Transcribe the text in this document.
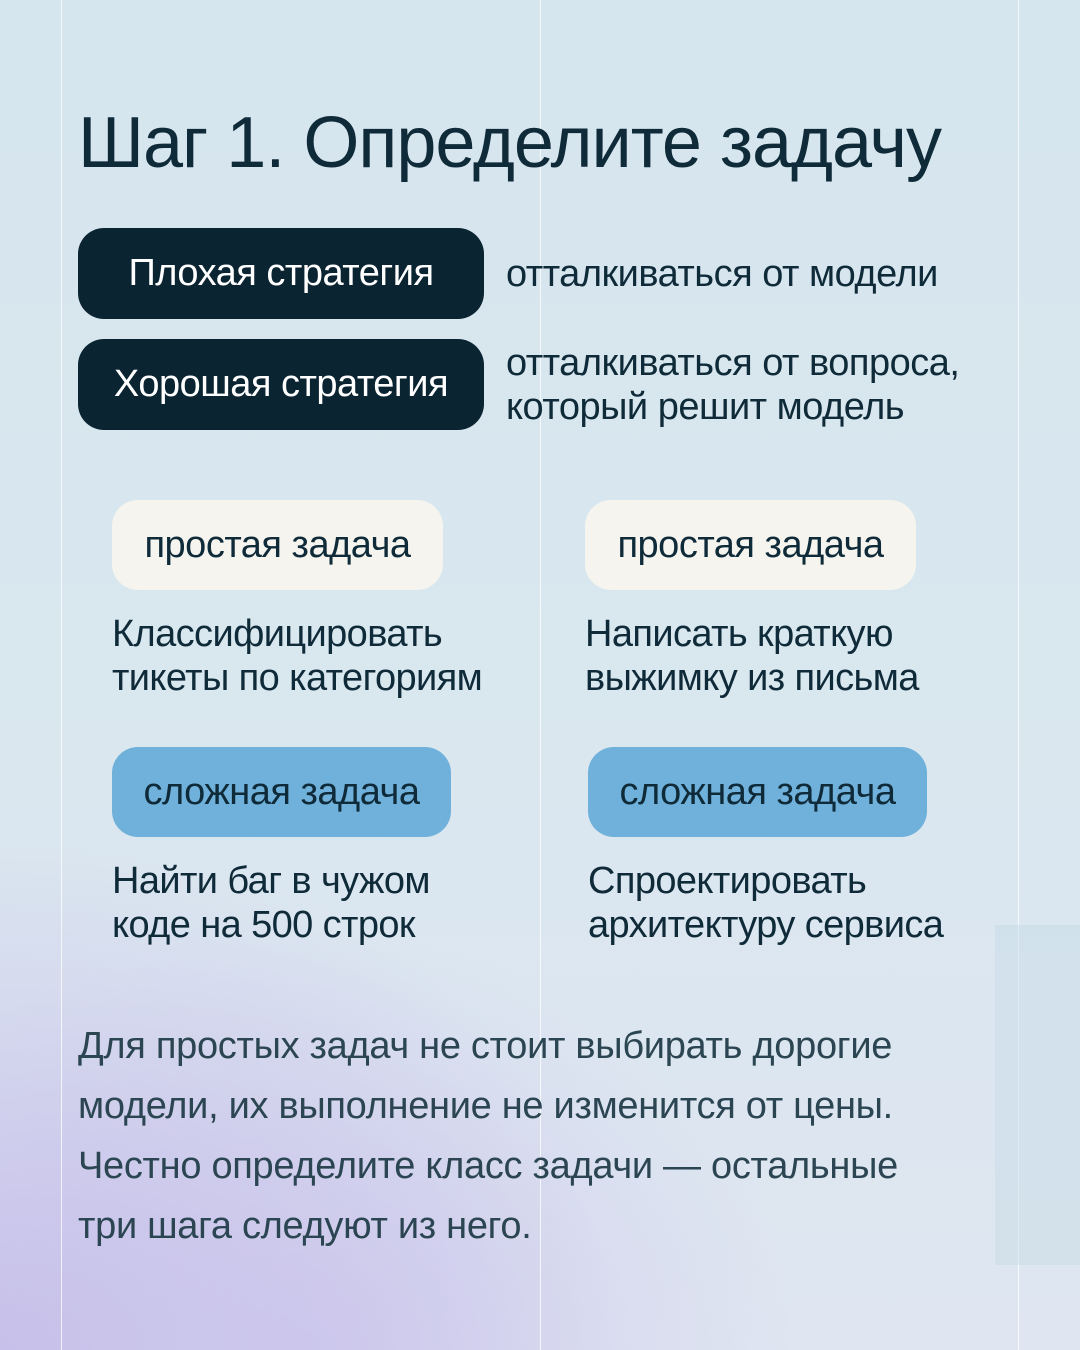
Шаг 1. Определите задачу
Плохая стратегия	отталкиваться от модели
Хорошая стратегия
отталкиваться от вопроса,
который решит модель
простая задача
Классифицировать
тикеты по категориям
простая задача
Написать краткую
выжимку из письма
сложная задача
Найти баг в чужом
коде на 500 строк
сложная задача
Спроектировать
архитектуру сервиса

Для простых задач не стоит выбирать дорогие

модели, их выполнение не изменится от цены.

Честно определите класс задачи — остальные

три шага следуют из него.
